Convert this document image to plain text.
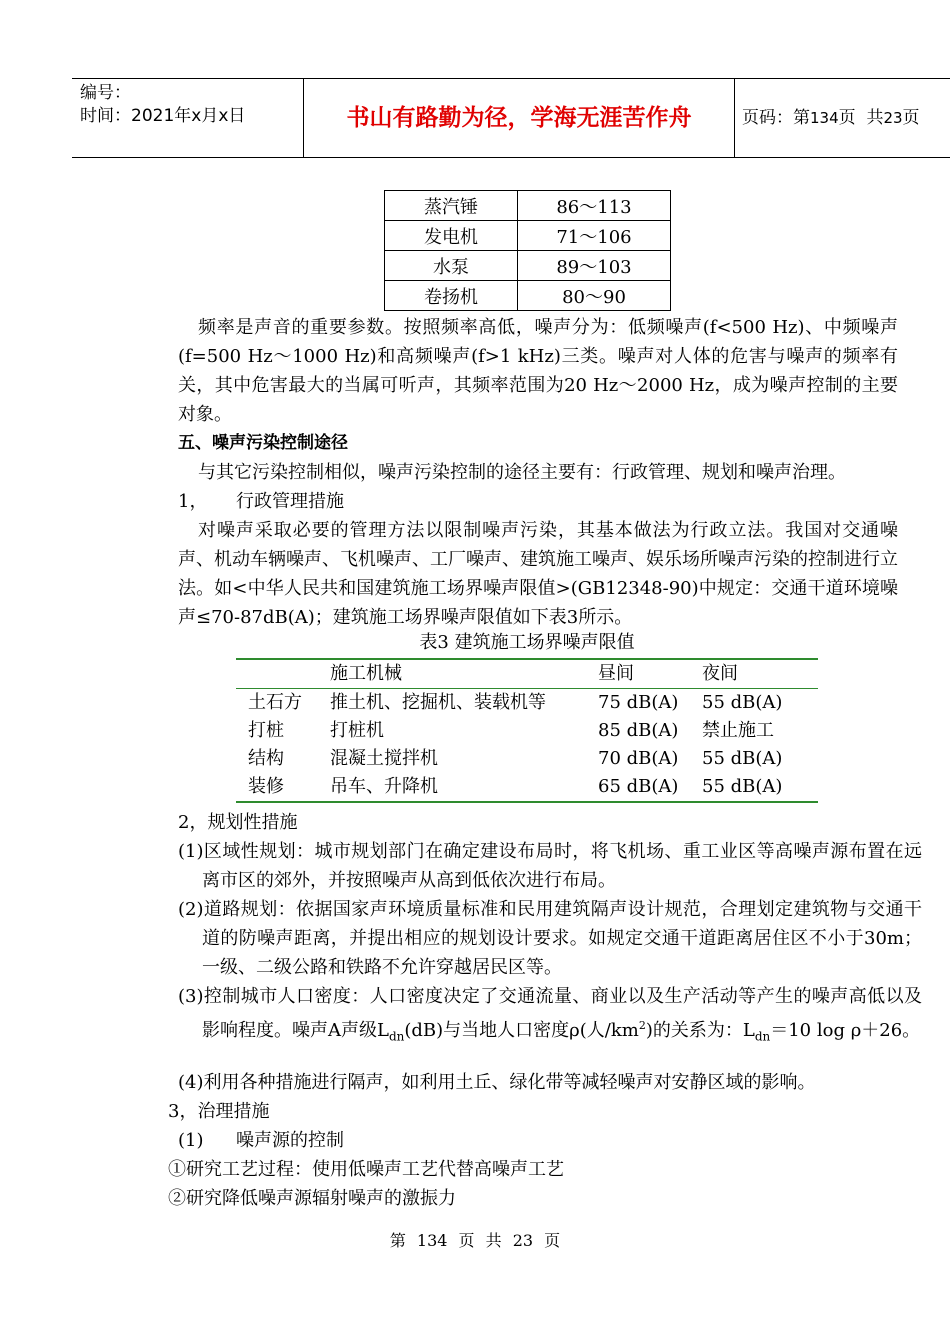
编号：
时间：2021年x月x日	书山有路勤为径，学海无涯苦作舟	页码：第134页  共23页
蒸汽锤	86～113
发电机	71～106
水泵	89～103
卷扬机	80～90
频率是声音的重要参数。按照频率高低，噪声分为：低频噪声(f<500 Hz)、中频噪声(f=500 Hz～1000 Hz)和高频噪声(f>1 kHz)三类。噪声对人体的危害与噪声的频率有关，其中危害最大的当属可听声，其频率范围为20 Hz～2000 Hz，成为噪声控制的主要对象。
五、噪声污染控制途径
与其它污染控制相似，噪声污染控制的途径主要有：行政管理、规划和噪声治理。
1， 行政管理措施
对噪声采取必要的管理方法以限制噪声污染，其基本做法为行政立法。我国对交通噪声、机动车辆噪声、飞机噪声、工厂噪声、建筑施工噪声、娱乐场所噪声污染的控制进行立法。如<中华人民共和国建筑施工场界噪声限值>(GB12348-90)中规定：交通干道环境噪声≤70-87dB(A)；建筑施工场界噪声限值如下表3所示。
表3 建筑施工场界噪声限值
	施工机械	昼间	夜间
土石方	推土机、挖掘机、装载机等	75 dB(A)	55 dB(A)
打桩	打桩机	85 dB(A)	禁止施工
结构	混凝土搅拌机	70 dB(A)	55 dB(A)
装修	吊车、升降机	65 dB(A)	55 dB(A)
2，规划性措施
(1)区域性规划：城市规划部门在确定建设布局时，将飞机场、重工业区等高噪声源布置在远离市区的郊外，并按照噪声从高到低依次进行布局。
(2)道路规划：依据国家声环境质量标准和民用建筑隔声设计规范，合理划定建筑物与交通干道的防噪声距离，并提出相应的规划设计要求。如规定交通干道距离居住区不小于30m；一级、二级公路和铁路不允许穿越居民区等。
(3)控制城市人口密度：人口密度决定了交通流量、商业以及生产活动等产生的噪声高低以及影响程度。噪声A声级$L_{dn}(dB)$与当地人口密度ρ(人$/km^2$)的关系为：$L_{dn}=10$ log ρ＋26。
(4)利用各种措施进行隔声，如利用土丘、绿化带等减轻噪声对安静区域的影响。
3，治理措施
(1) 噪声源的控制
①研究工艺过程：使用低噪声工艺代替高噪声工艺
②研究降低噪声源辐射噪声的激振力
第 134 页 共 23 页
